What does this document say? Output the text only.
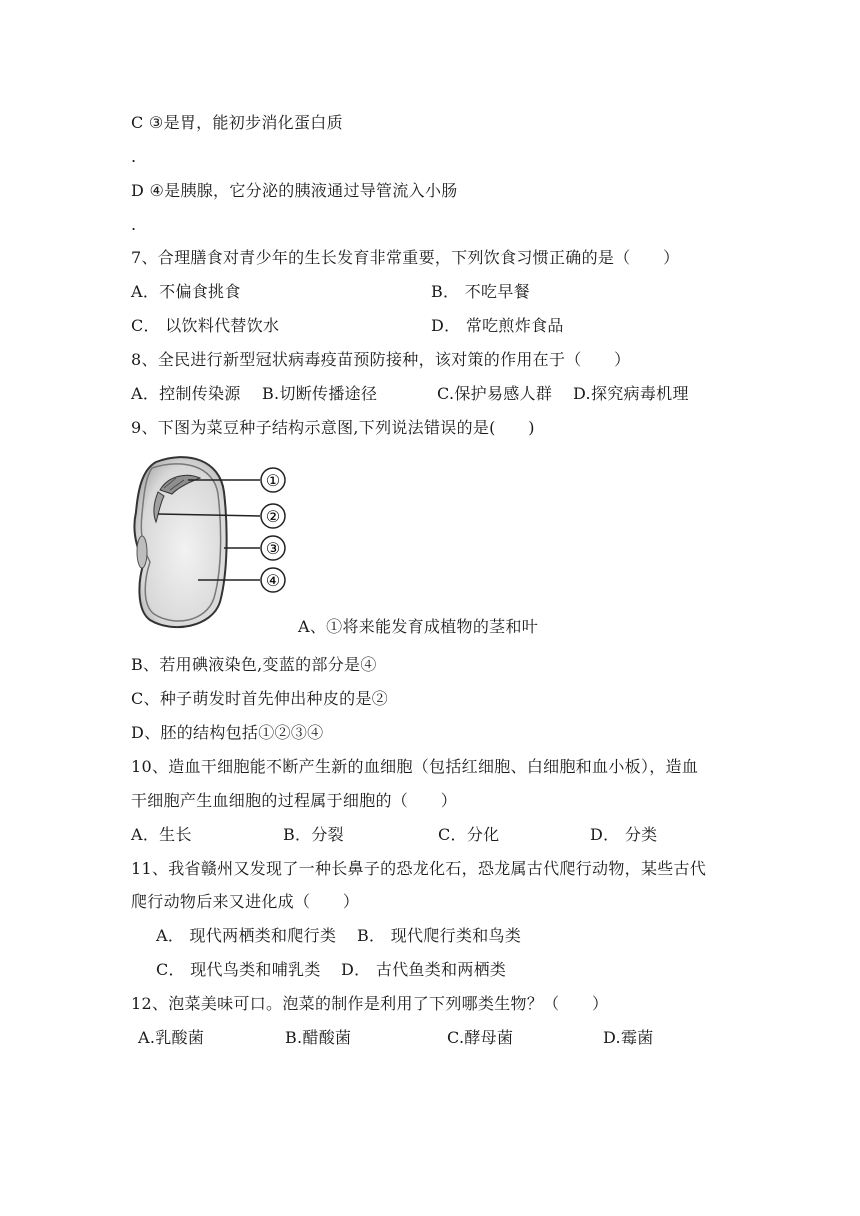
C ③是胃，能初步消化蛋白质
.
D ④是胰腺，它分泌的胰液通过导管流入小肠
.
7、合理膳食对青少年的生长发育非常重要，下列饮食习惯正确的是（　　）
A．不偏食挑食	B． 不吃早餐
C． 以饮料代替饮水	D． 常吃煎炸食品
8、全民进行新型冠状病毒疫苗预防接种，该对策的作用在于（　　）
A．控制传染源 B.切断传播途径	C.保护易感人群 D.探究病毒机理
9、下图为菜豆种子结构示意图,下列说法错误的是(　　)
①
②
③
④
A、①将来能发育成植物的茎和叶
B、若用碘液染色,变蓝的部分是④
C、种子萌发时首先伸出种皮的是②
D、胚的结构包括①②③④
10、造血干细胞能不断产生新的血细胞（包括红细胞、白细胞和血小板），造血
干细胞产生血细胞的过程属于细胞的（　　）
A．生长	B．分裂	C．分化	D． 分类
11、我省赣州又发现了一种长鼻子的恐龙化石，恐龙属古代爬行动物，某些古代
爬行动物后来又进化成（　　）
A． 现代两栖类和爬行类 B． 现代爬行类和鸟类
C． 现代鸟类和哺乳类 D． 古代鱼类和两栖类
12、泡菜美味可口。泡菜的制作是利用了下列哪类生物？（　　）
A.乳酸菌	B.醋酸菌	C.酵母菌	D.霉菌
